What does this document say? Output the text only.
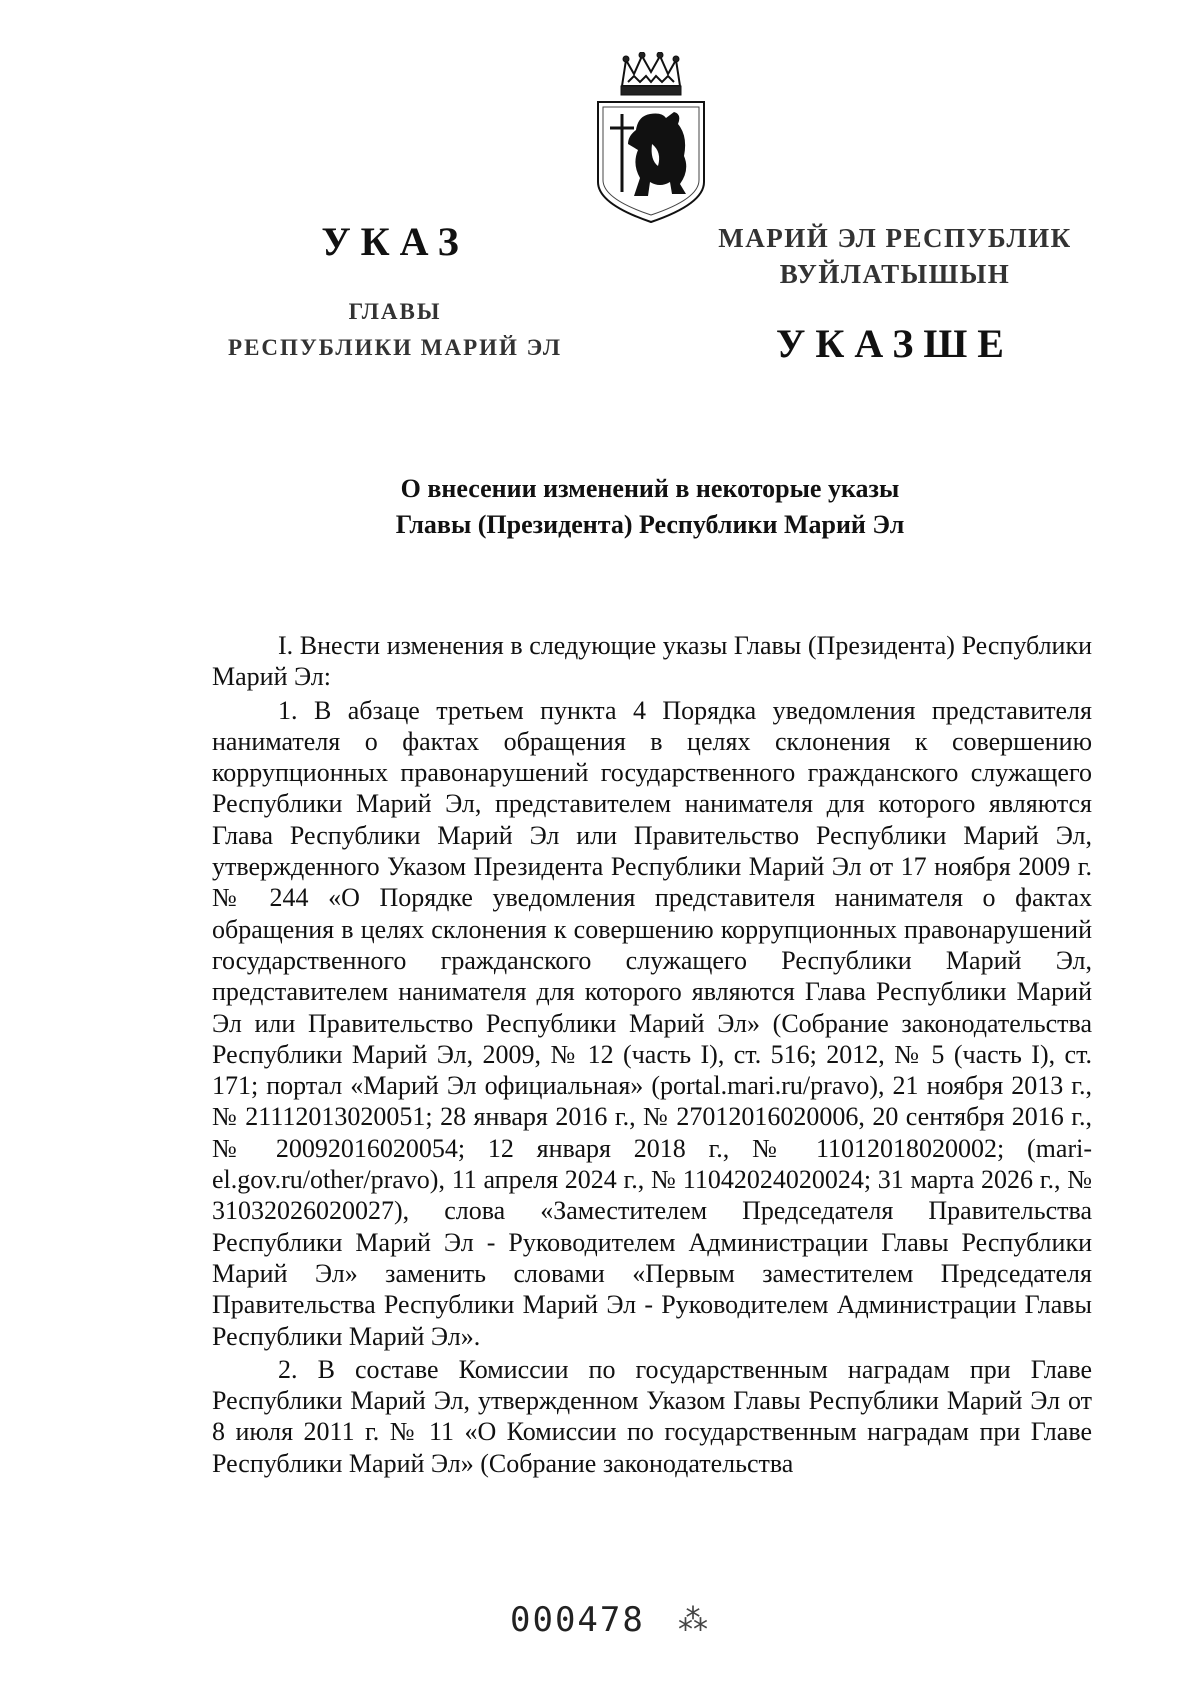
УКАЗ
ГЛАВЫ
РЕСПУБЛИКИ МАРИЙ ЭЛ
МАРИЙ ЭЛ РЕСПУБЛИК
ВУЙЛАТЫШЫН
УКАЗШЕ
О внесении изменений в некоторые указы
Главы (Президента) Республики Марий Эл

I. Внести изменения в следующие указы Главы (Президента) Республики Марий Эл:

1. В абзаце третьем пункта 4 Порядка уведомления представителя нанимателя о фактах обращения в целях склонения к совершению коррупционных правонарушений государственного гражданского служащего Республики Марий Эл, представителем нанимателя для которого являются Глава Республики Марий Эл или Правительство Республики Марий Эл, утвержденного Указом Президента Республики Марий Эл от 17 ноября 2009 г. № 244 «О Порядке уведомления представителя нанимателя о фактах обращения в целях склонения к совершению коррупционных правонарушений государственного гражданского служащего Республики Марий Эл, представителем нанимателя для которого являются Глава Республики Марий Эл или Правительство Республики Марий Эл» (Собрание законодательства Республики Марий Эл, 2009, № 12 (часть I), ст. 516; 2012, № 5 (часть I), ст. 171; портал «Марий Эл официальная» (portal.mari.ru/pravo), 21 ноября 2013 г., № 21112013020051; 28 января 2016 г., № 27012016020006, 20 сентября 2016 г., № 20092016020054; 12 января 2018 г., № 11012018020002; (mari-el.gov.ru/other/pravo), 11 апреля 2024 г., № 11042024020024; 31 марта 2026 г., № 31032026020027), слова «Заместителем Председателя Правительства Республики Марий Эл - Руководителем Администрации Главы Республики Марий Эл» заменить словами «Первым заместителем Председателя Правительства Республики Марий Эл - Руководителем Администрации Главы Республики Марий Эл».

2. В составе Комиссии по государственным наградам при Главе Республики Марий Эл, утвержденном Указом Главы Республики Марий Эл от 8 июля 2011 г. № 11 «О Комиссии по государственным наградам при Главе Республики Марий Эл» (Собрание законодательства

000478 ⁂
